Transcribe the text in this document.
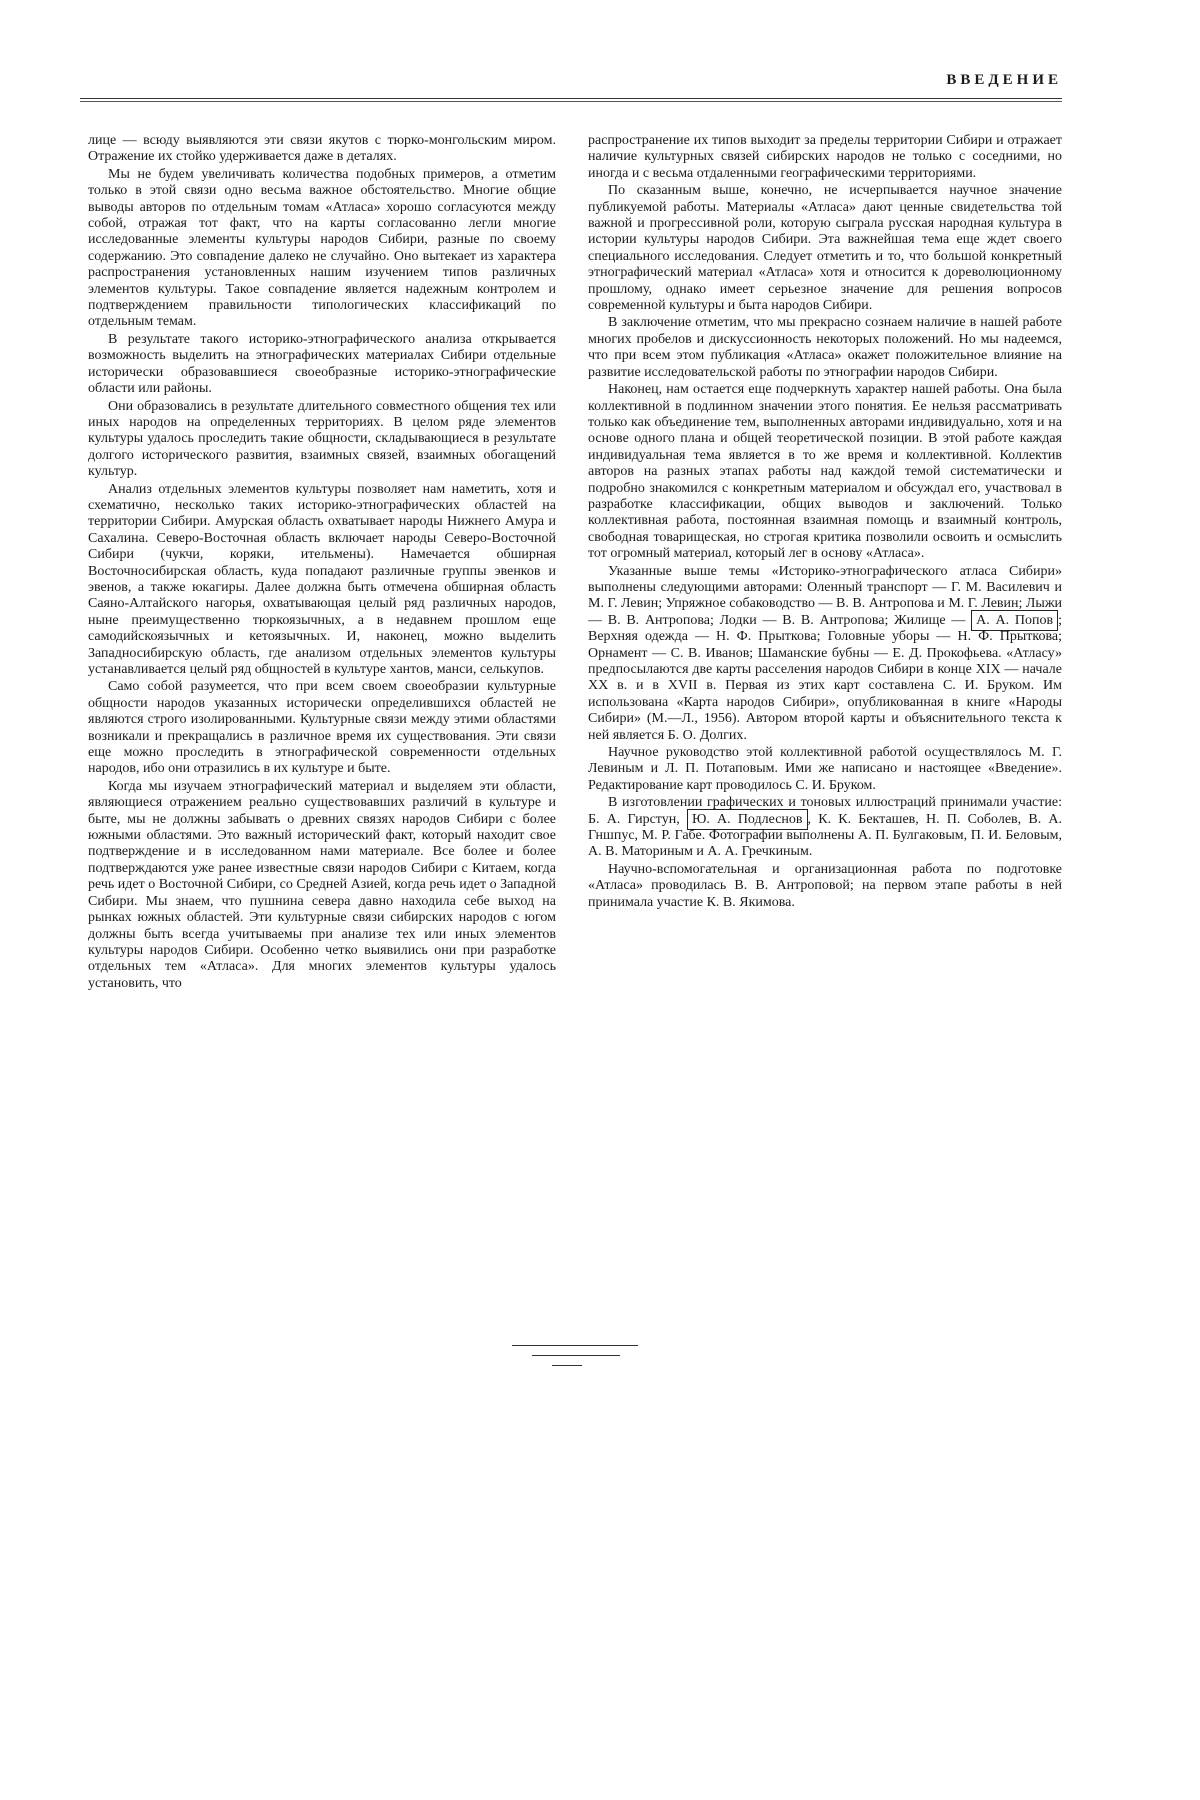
ВВЕДЕНИЕ

лице — всюду выявляются эти связи якутов с тюрко-монгольским миром. Отражение их стойко удерживается даже в деталях.

Мы не будем увеличивать количества подобных примеров, а отметим только в этой связи одно весьма важное обстоятельство. Многие общие выводы авторов по отдельным томам «Атласа» хорошо согласуются между собой, отражая тот факт, что на карты согласованно легли многие исследованные элементы культуры народов Сибири, разные по своему содержанию. Это совпадение далеко не случайно. Оно вытекает из характера распространения установленных нашим изучением типов различных элементов культуры. Такое совпадение является надежным контролем и подтверждением правильности типологических классификаций по отдельным темам.

В результате такого историко-этнографического анализа открывается возможность выделить на этнографических материалах Сибири отдельные исторически образовавшиеся своеобразные историко-этнографические области или районы.

Они образовались в результате длительного совместного общения тех или иных народов на определенных территориях. В целом ряде элементов культуры удалось проследить такие общности, складывающиеся в результате долгого исторического развития, взаимных связей, взаимных обогащений культур.

Анализ отдельных элементов культуры позволяет нам наметить, хотя и схематично, несколько таких историко-этнографических областей на территории Сибири. Амурская область охватывает народы Нижнего Амура и Сахалина. Северо-Восточная область включает народы Северо-Восточной Сибири (чукчи, коряки, ительмены). Намечается обширная Восточносибирская область, куда попадают различные группы эвенков и эвенов, а также юкагиры. Далее должна быть отмечена обширная область Саяно-Алтайского нагорья, охватывающая целый ряд различных народов, ныне преимущественно тюркоязычных, а в недавнем прошлом еще самодийскоязычных и кетоязычных. И, наконец, можно выделить Западносибирскую область, где анализом отдельных элементов культуры устанавливается целый ряд общностей в культуре хантов, манси, селькупов.

Само собой разумеется, что при всем своем своеобразии культурные общности народов указанных исторически определившихся областей не являются строго изолированными. Культурные связи между этими областями возникали и прекращались в различное время их существования. Эти связи еще можно проследить в этнографической современности отдельных народов, ибо они отразились в их культуре и быте.

Когда мы изучаем этнографический материал и выделяем эти области, являющиеся отражением реально существовавших различий в культуре и быте, мы не должны забывать о древних связях народов Сибири с более южными областями. Это важный исторический факт, который находит свое подтверждение и в исследованном нами материале. Все более и более подтверждаются уже ранее известные связи народов Сибири с Китаем, когда речь идет о Восточной Сибири, со Средней Азией, когда речь идет о Западной Сибири. Мы знаем, что пушнина севера давно находила себе выход на рынках южных областей. Эти культурные связи сибирских народов с югом должны быть всегда учитываемы при анализе тех или иных элементов культуры народов Сибири. Особенно четко выявились они при разработке отдельных тем «Атласа». Для многих элементов культуры удалось установить, что

распространение их типов выходит за пределы территории Сибири и отражает наличие культурных связей сибирских народов не только с соседними, но иногда и с весьма отдаленными географическими территориями.

По сказанным выше, конечно, не исчерпывается научное значение публикуемой работы. Материалы «Атласа» дают ценные свидетельства той важной и прогрессивной роли, которую сыграла русская народная культура в истории культуры народов Сибири. Эта важнейшая тема еще ждет своего специального исследования. Следует отметить и то, что большой конкретный этнографический материал «Атласа» хотя и относится к дореволюционному прошлому, однако имеет серьезное значение для решения вопросов современной культуры и быта народов Сибири.

В заключение отметим, что мы прекрасно сознаем наличие в нашей работе многих пробелов и дискуссионность некоторых положений. Но мы надеемся, что при всем этом публикация «Атласа» окажет положительное влияние на развитие исследовательской работы по этнографии народов Сибири.

Наконец, нам остается еще подчеркнуть характер нашей работы. Она была коллективной в подлинном значении этого понятия. Ее нельзя рассматривать только как объединение тем, выполненных авторами индивидуально, хотя и на основе одного плана и общей теоретической позиции. В этой работе каждая индивидуальная тема является в то же время и коллективной. Коллектив авторов на разных этапах работы над каждой темой систематически и подробно знакомился с конкретным материалом и обсуждал его, участвовал в разработке классификации, общих выводов и заключений. Только коллективная работа, постоянная взаимная помощь и взаимный контроль, свободная товарищеская, но строгая критика позволили освоить и осмыслить тот огромный материал, который лег в основу «Атласа».

Указанные выше темы «Историко-этнографического атласа Сибири» выполнены следующими авторами: Оленный транспорт — Г. М. Василевич и М. Г. Левин; Упряжное собаководство — В. В. Антропова и М. Г. Левин; Лыжи — В. В. Антропова; Лодки — В. В. Антропова; Жилище — А. А. Попов ; Верхняя одежда — Н. Ф. Прыткова; Головные уборы — Н. Ф. Прыткова; Орнамент — С. В. Иванов; Шаманские бубны — Е. Д. Прокофьева. «Атласу» предпосылаются две карты расселения народов Сибири в конце XIX — начале XX в. и в XVII в. Первая из этих карт составлена С. И. Бруком. Им использована «Карта народов Сибири», опубликованная в книге «Народы Сибири» (М.—Л., 1956). Автором второй карты и объяснительного текста к ней является Б. О. Долгих.

Научное руководство этой коллективной работой осуществлялось М. Г. Левиным и Л. П. Потаповым. Ими же написано и настоящее «Введение». Редактирование карт проводилось С. И. Бруком.

В изготовлении графических и тоновых иллюстраций принимали участие: Б. А. Гирстун, Ю. А. Подлеснов , К. К. Бекташев, Н. П. Соболев, В. А. Гншпус, М. Р. Габе. Фотографии выполнены А. П. Булгаковым, П. И. Беловым, А. В. Маториным и А. А. Гречкиным.

Научно-вспомогательная и организационная работа по подготовке «Атласа» проводилась В. В. Антроповой; на первом этапе работы в ней принимала участие К. В. Якимова.
